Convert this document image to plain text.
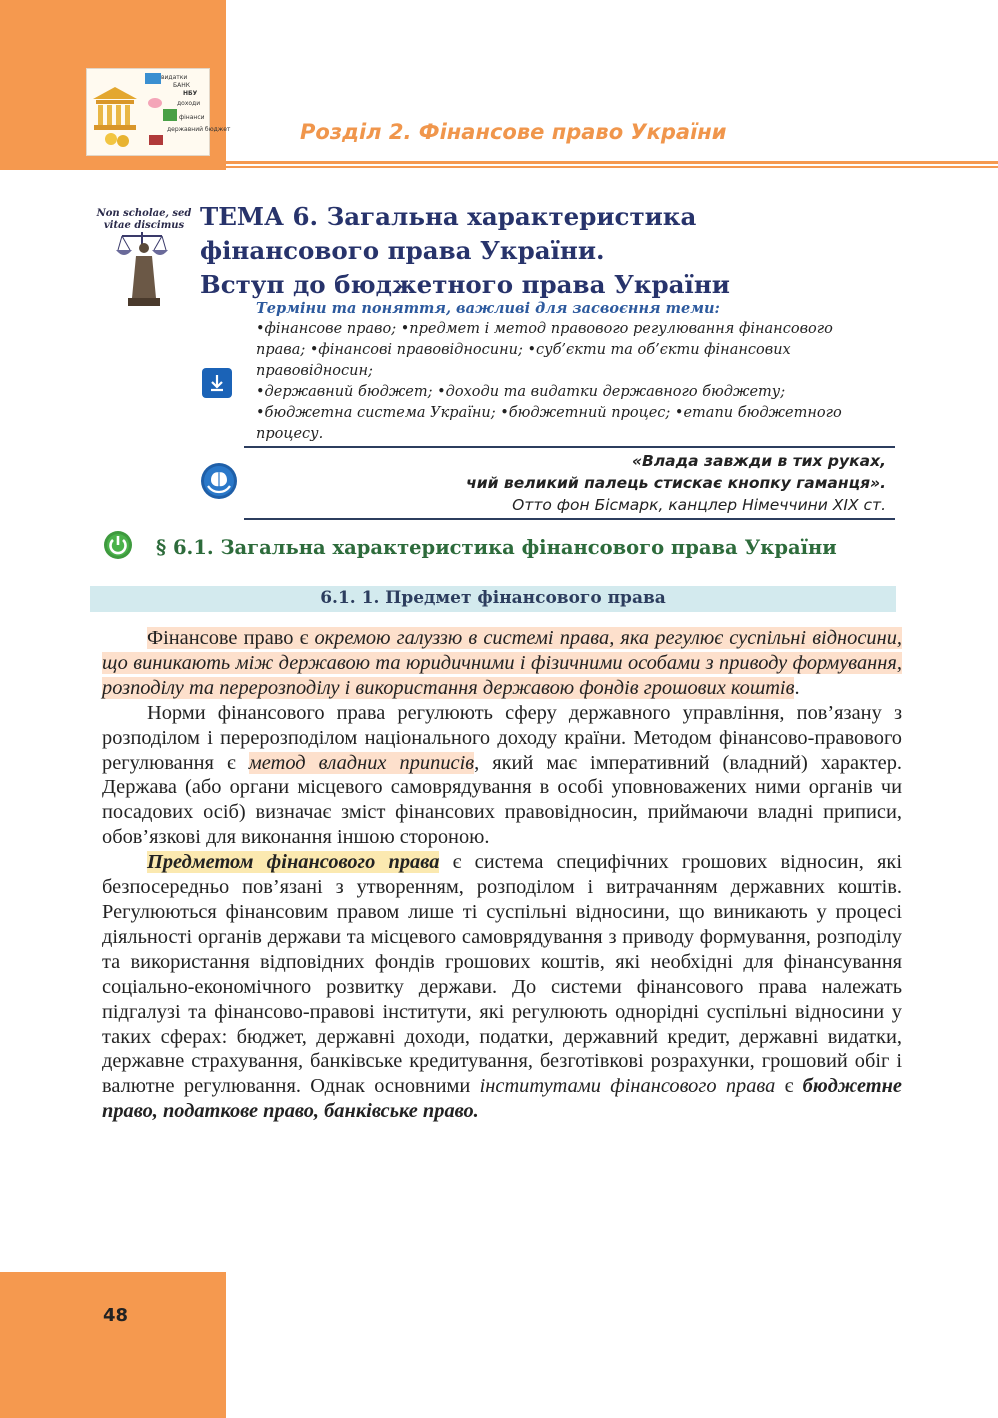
БАНК
НБУ
видатки
доходи
фінанси
державний бюджет	Розділ 2. Фінансове право України
Non scholae, sed
vitae discimus ТЕМА 6. Загальна характеристика
фінансового права України.
Вступ до бюджетного права України
Терміни та поняття, важливі для засвоєння теми:
•фінансове право; •предмет і метод правового регулювання фінансового
права; •фінансові правовідносини; •суб’єкти та об’єкти фінансових
правовідносин;
•державний бюджет; •доходи та видатки державного бюджету;
•бюджетна система України; •бюджетний процес; •етапи бюджетного
процесу.
«Влада завжди в тих руках,
чий великий палець стискає кнопку гаманця».
Отто фон Бісмарк, канцлер Німеччини XIX ст.
§ 6.1. Загальна характеристика фінансового права України
6.1. 1. Предмет фінансового права

Фінансове право є окремою галуззю в системі права, яка регулює суспільні відносини, що виникають між державою та юридичними і фізичними особами з приводу формування, розподілу та перерозподілу і використання державою фондів грошових коштів.

Норми фінансового права регулюють сферу державного управління, пов’язану з розподілом і перерозподілом національного доходу країни. Методом фінансово-правового регулювання є метод владних приписів, який має імперативний (владний) характер. Держава (або органи місцевого самоврядування в особі уповноважених ними органів чи посадових осіб) визначає зміст фінансових правовідносин, приймаючи владні приписи, обов’язкові для виконання іншою стороною.

Предметом фінансового права є система специфічних грошових відносин, які безпосередньо пов’язані з утворенням, розподілом і витрачанням державних коштів. Регулюються фінансовим правом лише ті суспільні відносини, що виникають у процесі діяльності органів держави та місцевого самоврядування з приводу формування, розподілу та використання відповідних фондів грошових коштів, які необхідні для фінансування соціально-економічного розвитку держави. До системи фінансового права належать підгалузі та фінансово-правові інститути, які регулюють однорідні суспільні відносини у таких сферах: бюджет, державні доходи, податки, державний кредит, державні видатки, державне страхування, банківське кредитування, безготівкові розрахунки, грошовий обіг і валютне регулювання. Однак основними інститутами фінансового права є бюджетне право, податкове право, банківське право.

48
